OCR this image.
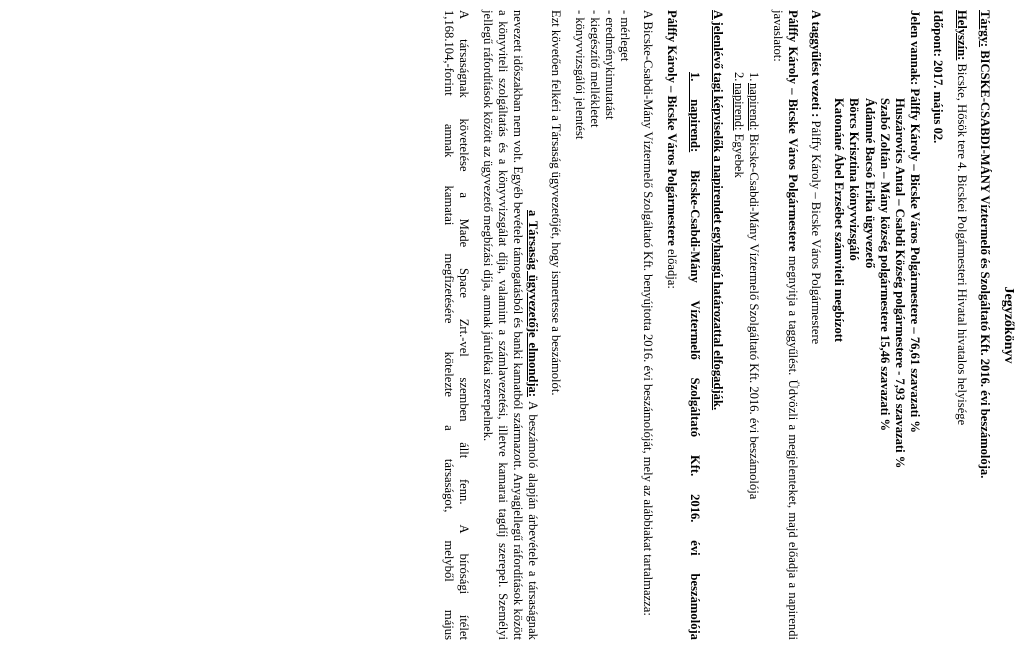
Jegyzőkönyv
Tárgy: BICSKE-CSABDI-MÁNY Víztermelő és Szolgáltató Kft. 2016. évi beszámolója.
Helyszín: Bicske, Hősök tere 4. Bicskei Polgármesteri Hivatal hivatalos helyisége
Időpont: 2017. május 02.
Jelen vannak: Pálffy Károly – Bicske Város Polgármestere – 76,61 szavazati %
Huszárovics Antal – Csabdi Község polgármestere - 7,93 szavazati %
Szabó Zoltán – Mány község polgármestere 15,46 szavazati %
Ádámné Bacsó Erika ügyvezető
Börcs Krisztina könyvvizsgáló
Katonáné Ábel Erzsébet számviteli megbízott
A taggyűlést vezeti : Pálffy Károly – Bicske Város Polgármestere
Pálffy Károly – Bicske Város Polgármestere megnyitja a taggyűlést. Üdvözli a megjelenteket, majd előadja a napirendi javaslatot:
1.
napirend: Bicske-Csabdi-Mány Víztermelő Szolgáltató Kft. 2016. évi beszámolója
2.
napirend: Egyebek
A jelenlévő tagi képviselők a napirendet egyhangú határozattal elfogadják.
1. napirend: Bicske-Csabdi-Mány Víztermelő Szolgáltató Kft. 2016. évi beszámolója
Pálffy Károly – Bicske Város Polgármestere előadja:
A Bicske-Csabdi-Mány Víztermelő Szolgáltató Kft. benyújtotta 2016. évi beszámolóját, mely az alábbiakat tartalmazza:
- mérleget
- eredménykimutatást
- kiegészítő mellékletet
- könyvvizsgálói jelentést
Ezt követően felkéri a Társaság ügyvezetőjét, hogy ismertesse a beszámolót.
a Társaság ügyvezetője elmondja: A beszámoló alapján árbevétele a társaságnak nevezett időszakban nem volt. Egyéb bevétele támogatásból és banki kamatból származott. Anyagjellegű ráfordítások között a könyviteli szolgáltatás és a könyvvizsgálat díja, valamint a számlavezetési, illetve kamarai tagdíj szerepel. Személyi jellegű ráfordítások között az ügyvezető megbízási díja, amnak járulékai szerepelnek.
A társaságnak követelése a Made Space Zrt.-vel szemben állt fenn. A bírósági ítélet
1,168.104,-forint amnak kamatai megfizetésére kötelezte a társaságot, melyből május
